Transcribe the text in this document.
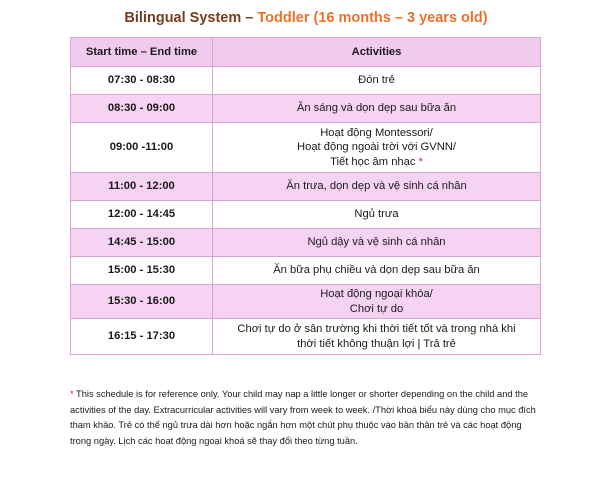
Bilingual System – Toddler (16 months – 3 years old)
Start time – End time	Activities
07:30 - 08:30	Đón trẻ

08:30 - 09:00	Ăn sáng và dọn dẹp sau bữa ăn

09:00 -11:00	Hoạt động Montessori/
Hoạt động ngoài trời với GVNN/
Tiết học âm nhạc *

11:00 - 12:00	Ăn trưa, dọn dẹp và vệ sinh cá nhân

12:00 - 14:45	Ngủ trưa

14:45 - 15:00	Ngủ dậy và vệ sinh cá nhân

15:00 - 15:30	Ăn bữa phụ chiều và dọn dẹp sau bữa ăn

15:30 - 16:00	Hoạt động ngoại khóa/
Chơi tự do

16:15 - 17:30	Chơi tự do ở sân trường khi thời tiết tốt và trong nhà khi
thời tiết không thuận lợi | Trả trẻ
* This schedule is for reference only. Your child may nap a little longer or shorter depending on the child and the activities of the day. Extracurricular activities will vary from week to week. /Thời khoá biểu này dùng cho mục đích tham khảo. Trẻ có thể ngủ trưa dài hơn hoặc ngắn hơn một chút phụ thuộc vào bản thân trẻ và các hoạt động trong ngày. Lịch các hoạt động ngoại khoá sẽ thay đổi theo từng tuần.
